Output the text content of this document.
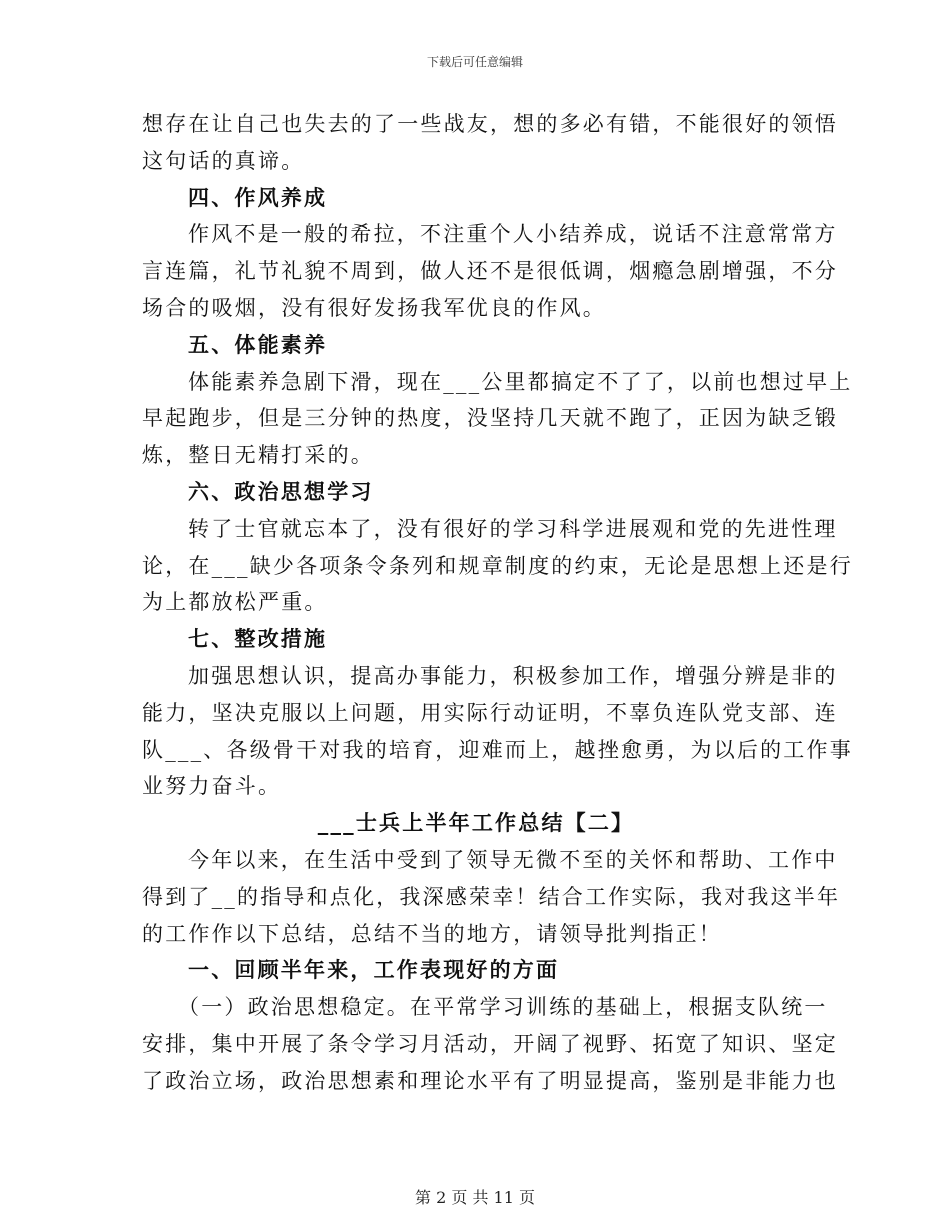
下载后可任意编辑
想存在让自己也失去的了一些战友，想的多必有错，不能很好的领悟
这句话的真谛。
四、作风养成
作风不是一般的希拉，不注重个人小结养成，说话不注意常常方
言连篇，礼节礼貌不周到，做人还不是很低调，烟瘾急剧增强，不分
场合的吸烟，没有很好发扬我军优良的作风。
五、体能素养
体能素养急剧下滑，现在___公里都搞定不了了，以前也想过早上
早起跑步，但是三分钟的热度，没坚持几天就不跑了，正因为缺乏锻
炼，整日无精打采的。
六、政治思想学习
转了士官就忘本了，没有很好的学习科学进展观和党的先进性理
论，在___缺少各项条令条列和规章制度的约束，无论是思想上还是行
为上都放松严重。
七、整改措施
加强思想认识，提高办事能力，积极参加工作，增强分辨是非的
能力，坚决克服以上问题，用实际行动证明，不辜负连队党支部、连
队___、各级骨干对我的培育，迎难而上，越挫愈勇，为以后的工作事
业努力奋斗。
___士兵上半年工作总结【二】
今年以来，在生活中受到了领导无微不至的关怀和帮助、工作中
得到了__的指导和点化，我深感荣幸！结合工作实际，我对我这半年
的工作作以下总结，总结不当的地方，请领导批判指正！
一、回顾半年来，工作表现好的方面
（一）政治思想稳定。在平常学习训练的基础上，根据支队统一
安排，集中开展了条令学习月活动，开阔了视野、拓宽了知识、坚定
了政治立场，政治思想素和理论水平有了明显提高，鉴别是非能力也
第 2 页 共 11 页
